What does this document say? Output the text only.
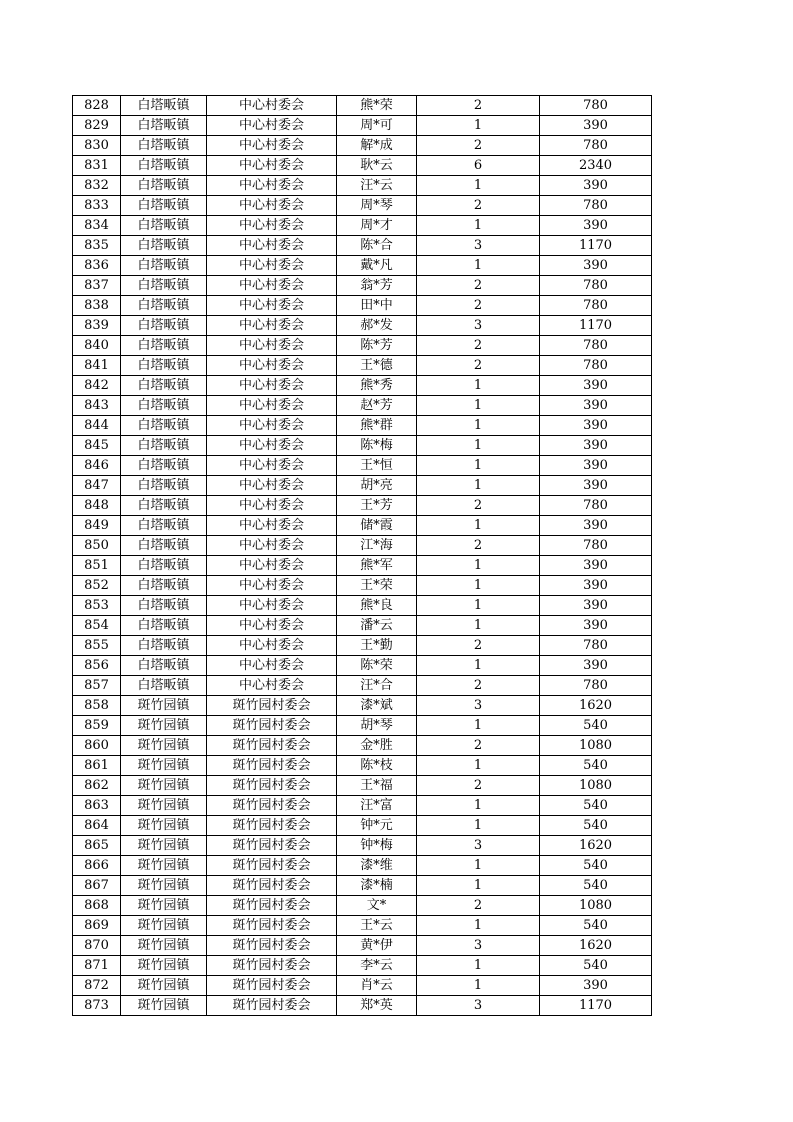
828	白塔畈镇	中心村委会	熊*荣	2	780
829	白塔畈镇	中心村委会	周*可	1	390
830	白塔畈镇	中心村委会	解*成	2	780
831	白塔畈镇	中心村委会	耿*云	6	2340
832	白塔畈镇	中心村委会	汪*云	1	390
833	白塔畈镇	中心村委会	周*琴	2	780
834	白塔畈镇	中心村委会	周*才	1	390
835	白塔畈镇	中心村委会	陈*合	3	1170
836	白塔畈镇	中心村委会	戴*凡	1	390
837	白塔畈镇	中心村委会	翁*芳	2	780
838	白塔畈镇	中心村委会	田*中	2	780
839	白塔畈镇	中心村委会	郝*发	3	1170
840	白塔畈镇	中心村委会	陈*芳	2	780
841	白塔畈镇	中心村委会	王*德	2	780
842	白塔畈镇	中心村委会	熊*秀	1	390
843	白塔畈镇	中心村委会	赵*芳	1	390
844	白塔畈镇	中心村委会	熊*群	1	390
845	白塔畈镇	中心村委会	陈*梅	1	390
846	白塔畈镇	中心村委会	王*恒	1	390
847	白塔畈镇	中心村委会	胡*亮	1	390
848	白塔畈镇	中心村委会	王*芳	2	780
849	白塔畈镇	中心村委会	储*霞	1	390
850	白塔畈镇	中心村委会	江*海	2	780
851	白塔畈镇	中心村委会	熊*军	1	390
852	白塔畈镇	中心村委会	王*荣	1	390
853	白塔畈镇	中心村委会	熊*良	1	390
854	白塔畈镇	中心村委会	潘*云	1	390
855	白塔畈镇	中心村委会	王*勤	2	780
856	白塔畈镇	中心村委会	陈*荣	1	390
857	白塔畈镇	中心村委会	汪*合	2	780
858	斑竹园镇	斑竹园村委会	漆*斌	3	1620
859	斑竹园镇	斑竹园村委会	胡*琴	1	540
860	斑竹园镇	斑竹园村委会	金*胜	2	1080
861	斑竹园镇	斑竹园村委会	陈*枝	1	540
862	斑竹园镇	斑竹园村委会	王*福	2	1080
863	斑竹园镇	斑竹园村委会	汪*富	1	540
864	斑竹园镇	斑竹园村委会	钟*元	1	540
865	斑竹园镇	斑竹园村委会	钟*梅	3	1620
866	斑竹园镇	斑竹园村委会	漆*维	1	540
867	斑竹园镇	斑竹园村委会	漆*楠	1	540
868	斑竹园镇	斑竹园村委会	文*	2	1080
869	斑竹园镇	斑竹园村委会	王*云	1	540
870	斑竹园镇	斑竹园村委会	黄*伊	3	1620
871	斑竹园镇	斑竹园村委会	李*云	1	540
872	斑竹园镇	斑竹园村委会	肖*云	1	390
873	斑竹园镇	斑竹园村委会	郑*英	3	1170
